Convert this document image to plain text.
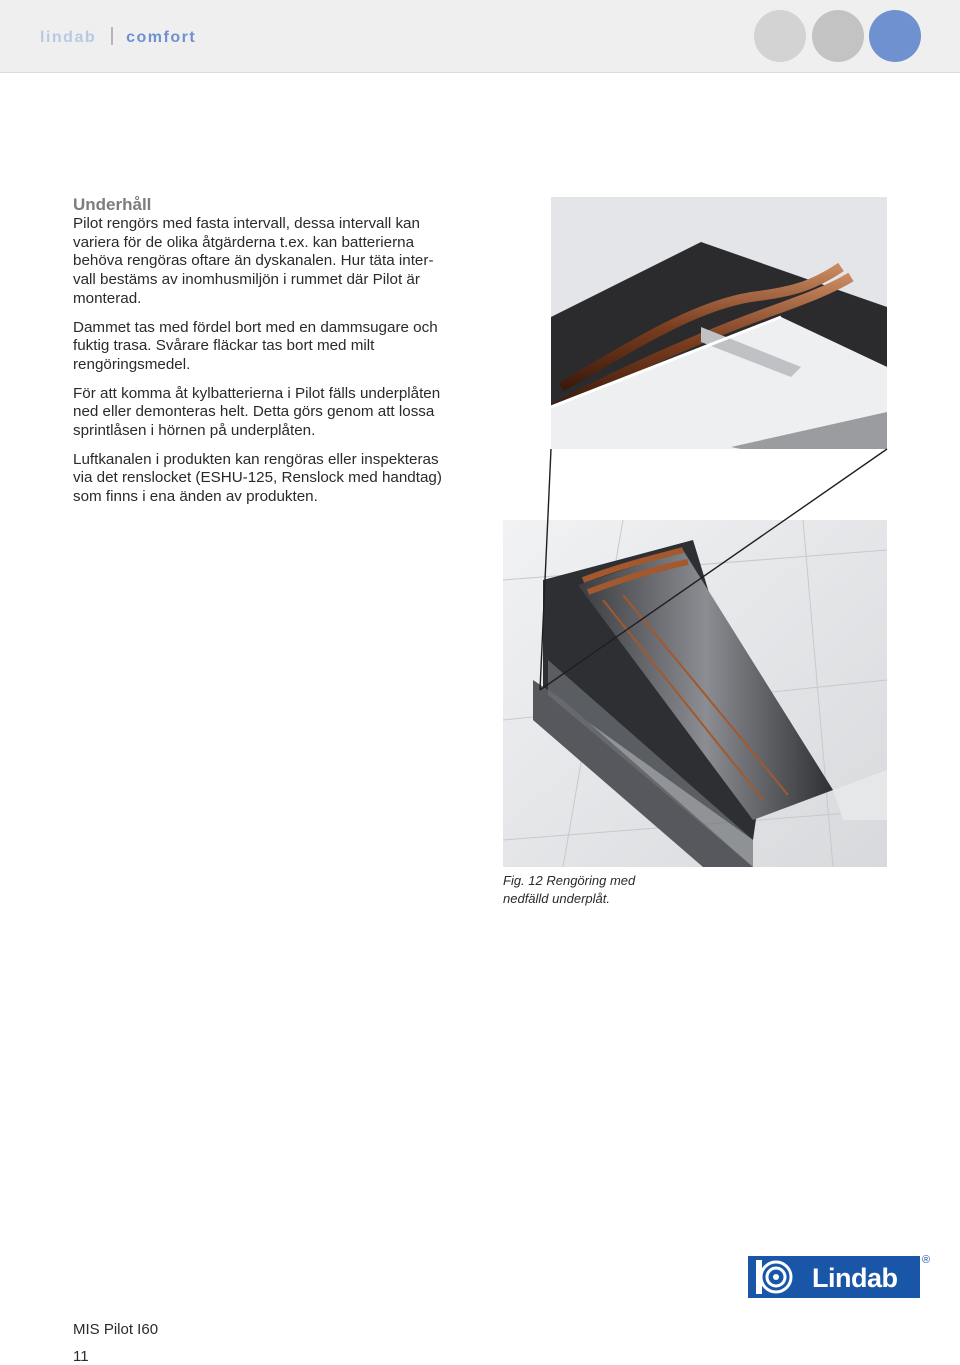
lindab comfort
Underhåll

Pilot rengörs med fasta intervall, dessa intervall kan variera för de olika åtgärderna t.ex. kan batterierna behöva rengöras oftare än dyskanalen. Hur täta inter-vall bestäms av inomhusmiljön i rummet där Pilot är monterad.

Dammet tas med fördel bort med en dammsugare och fuktig trasa. Svårare fläckar tas bort med milt rengöringsmedel.

För att komma åt kylbatterierna i Pilot fälls underplåten ned eller demonteras helt. Detta görs genom att lossa sprintlåsen i hörnen på underplåten.

Luftkanalen i produkten kan rengöras eller inspekteras via det renslocket (ESHU-125, Renslock med handtag) som finns i ena änden av produkten.

Fig. 12 Rengöring med
nedfälld underplåt.
Lindab
®
MIS Pilot I60
11
